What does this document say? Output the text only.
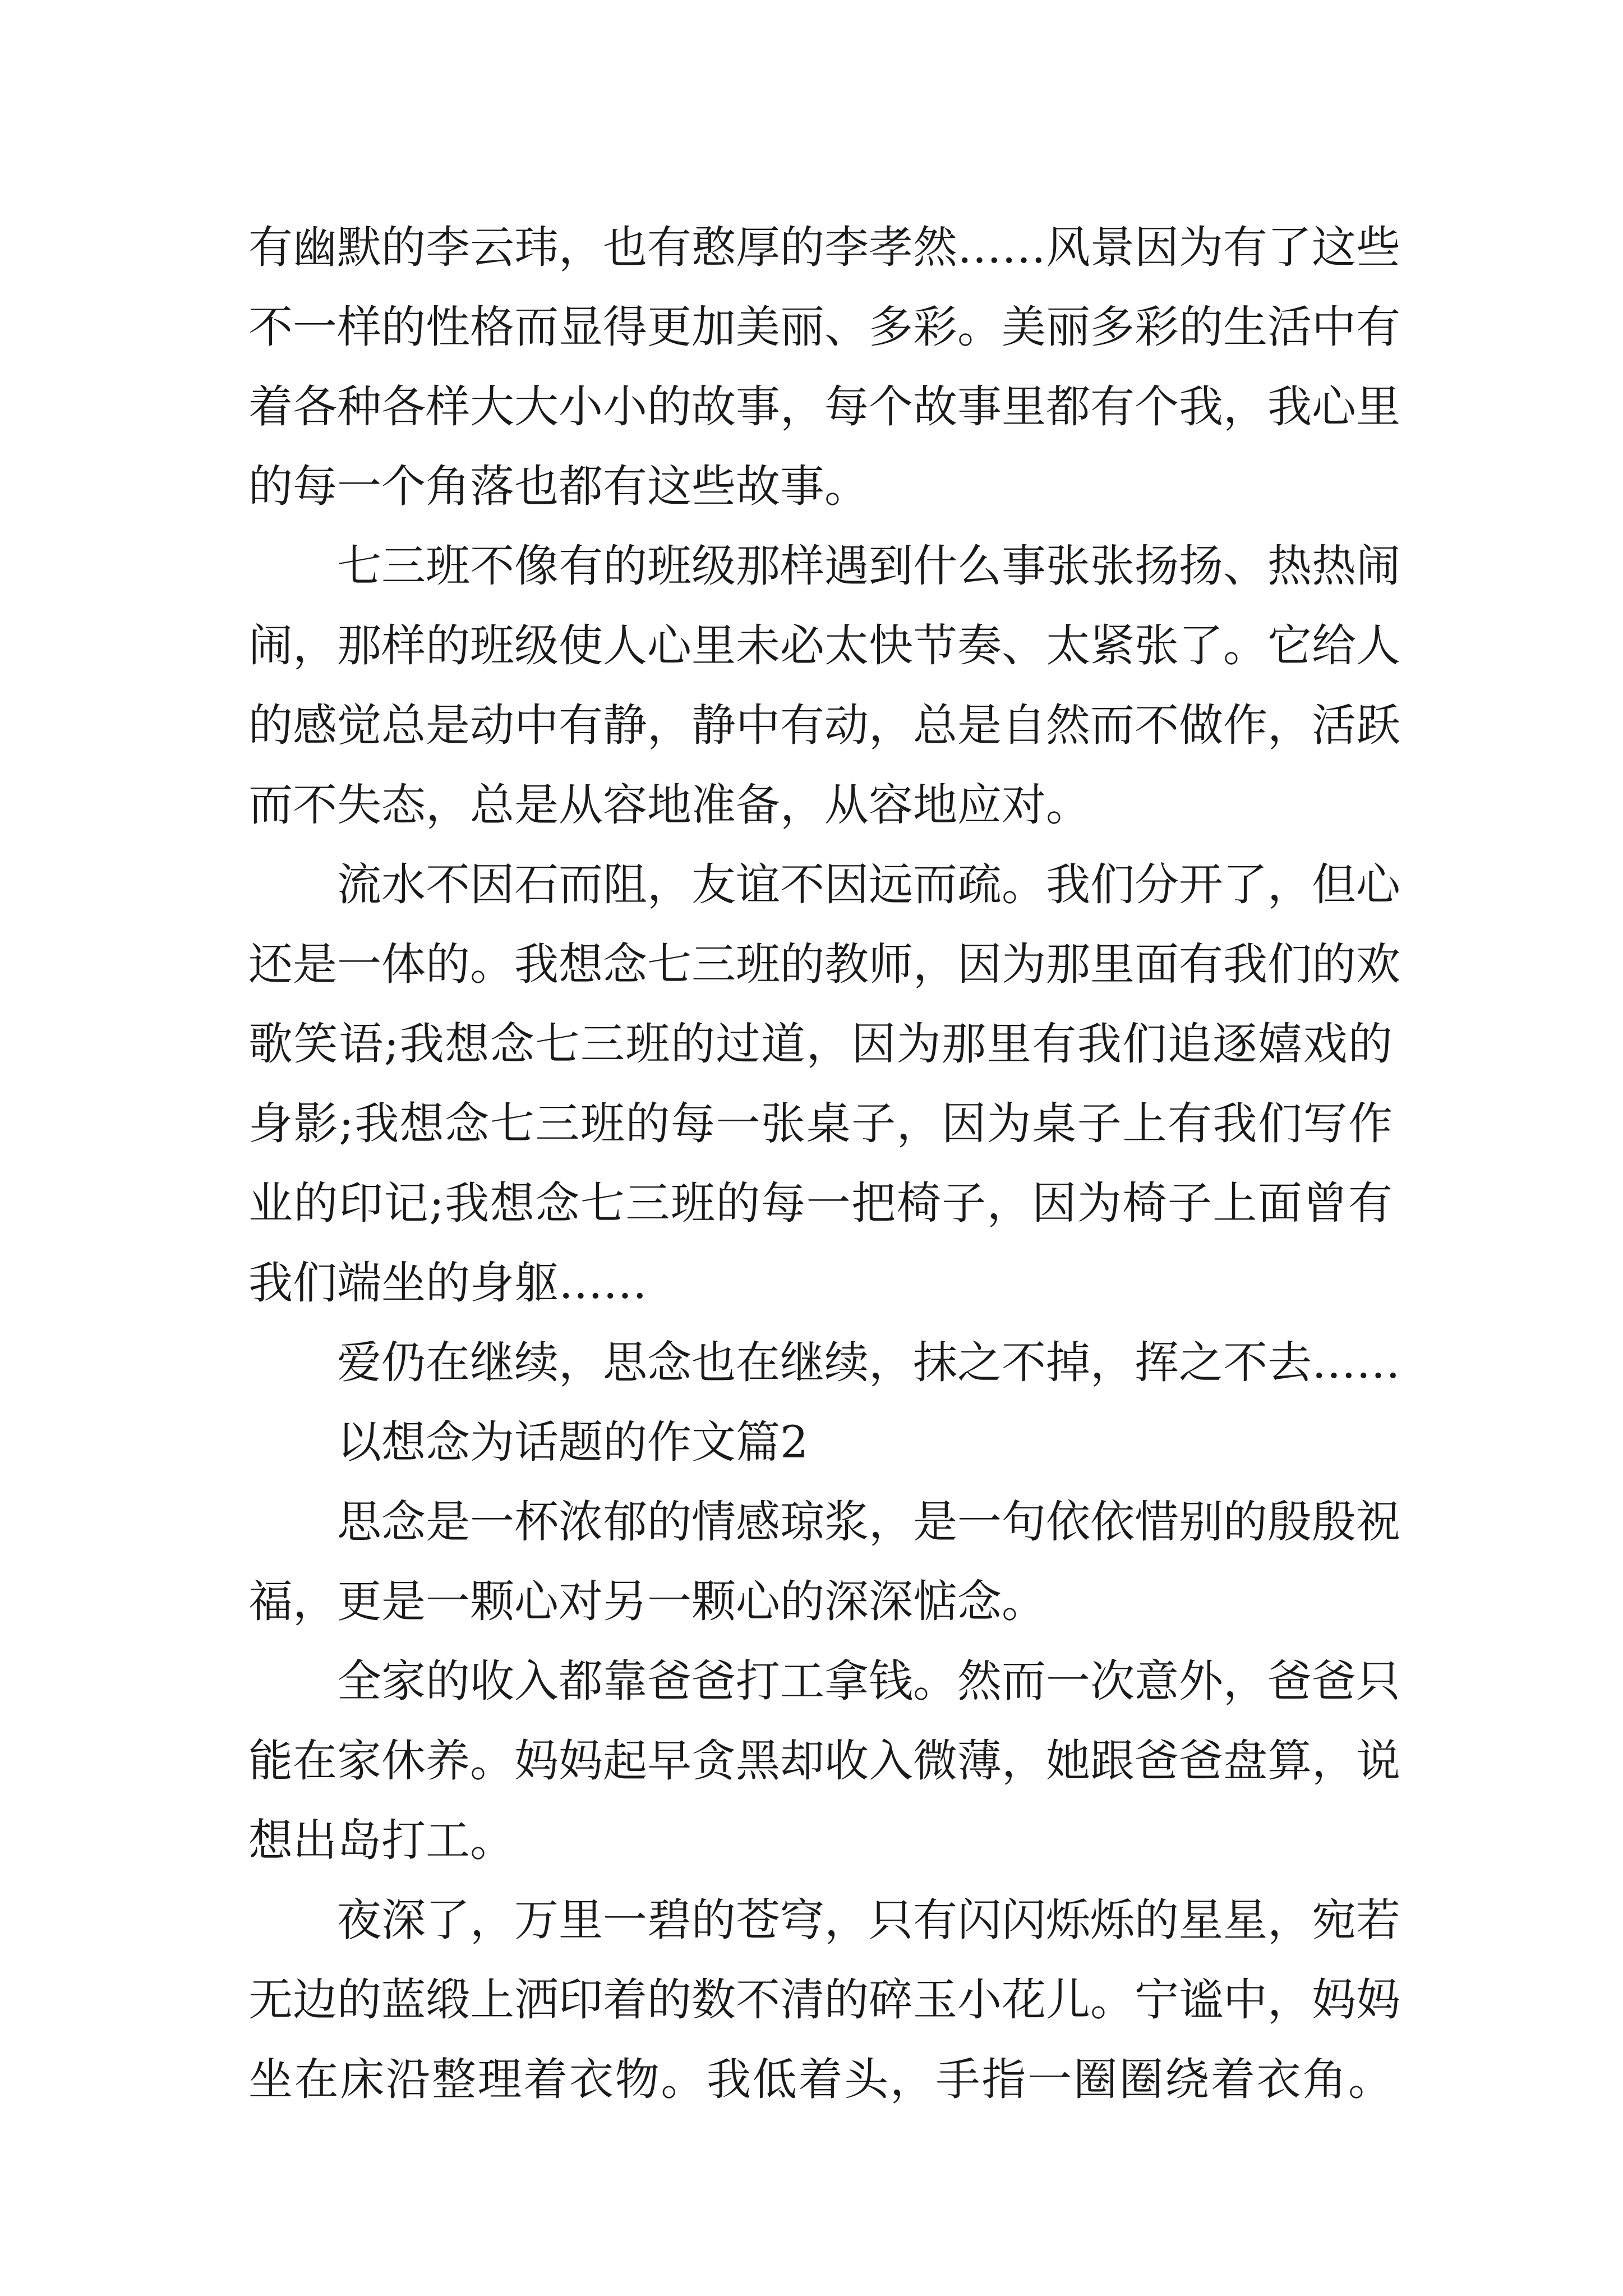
有幽默的李云玮，也有憨厚的李孝然……风景因为有了这些
不一样的性格而显得更加美丽、多彩。美丽多彩的生活中有
着各种各样大大小小的故事，每个故事里都有个我，我心里
的每一个角落也都有这些故事。
七三班不像有的班级那样遇到什么事张张扬扬、热热闹
闹，那样的班级使人心里未必太快节奏、太紧张了。它给人
的感觉总是动中有静，静中有动，总是自然而不做作，活跃
而不失态，总是从容地准备，从容地应对。
流水不因石而阻，友谊不因远而疏。我们分开了，但心
还是一体的。我想念七三班的教师，因为那里面有我们的欢
歌笑语;我想念七三班的过道，因为那里有我们追逐嬉戏的
身影;我想念七三班的每一张桌子，因为桌子上有我们写作
业的印记;我想念七三班的每一把椅子，因为椅子上面曾有
我们端坐的身躯……
爱仍在继续，思念也在继续，抹之不掉，挥之不去……
以想念为话题的作文篇2
思念是一杯浓郁的情感琼浆，是一句依依惜别的殷殷祝
福，更是一颗心对另一颗心的深深惦念。
全家的收入都靠爸爸打工拿钱。然而一次意外，爸爸只
能在家休养。妈妈起早贪黑却收入微薄，她跟爸爸盘算，说
想出岛打工。
夜深了，万里一碧的苍穹，只有闪闪烁烁的星星，宛若
无边的蓝缎上洒印着的数不清的碎玉小花儿。宁谧中，妈妈
坐在床沿整理着衣物。我低着头，手指一圈圈绕着衣角。
